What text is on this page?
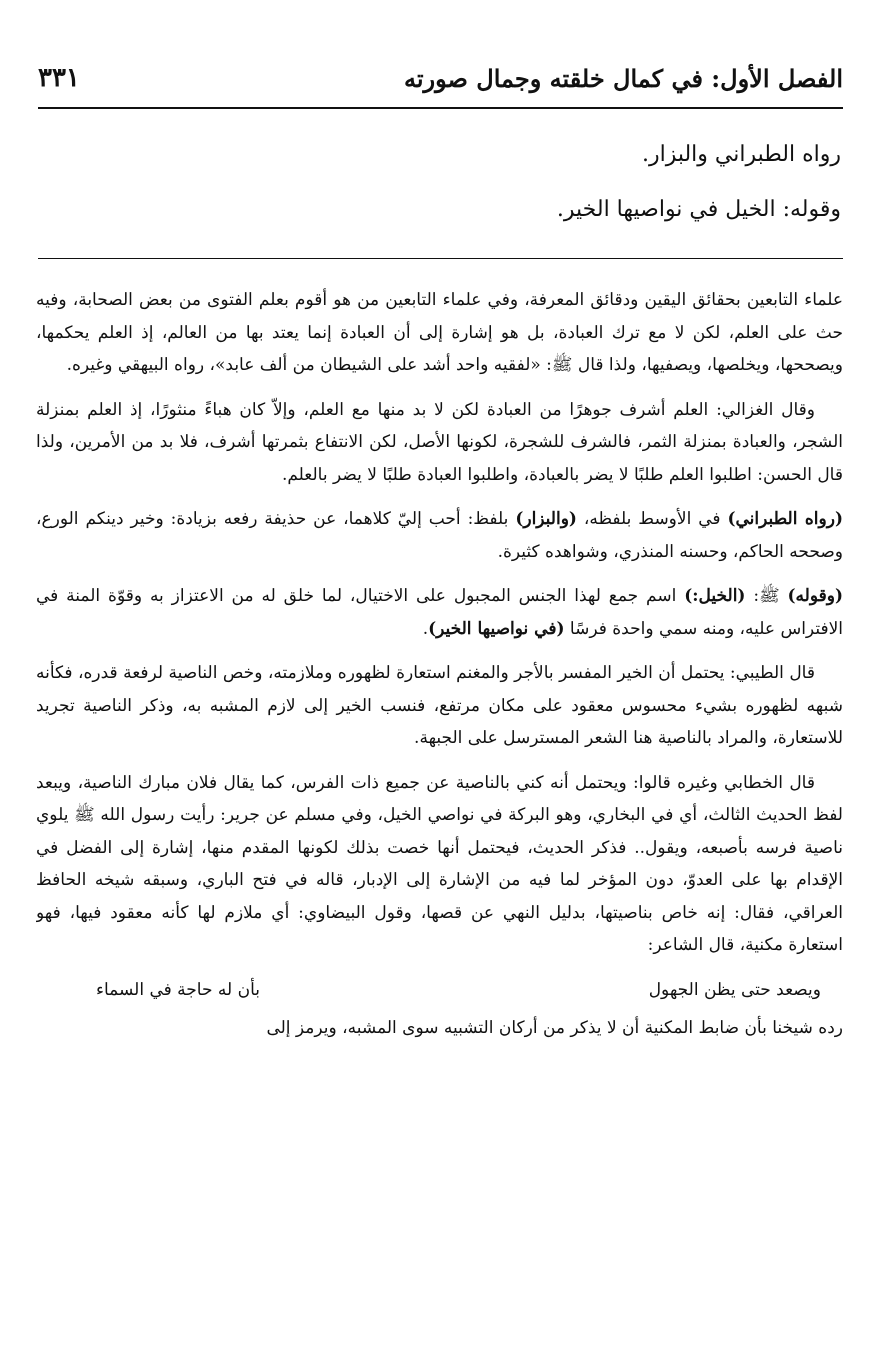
الفصل الأول: في كمال خلقته وجمال صورته
٣٣١

رواه الطبراني والبزار.

وقوله: الخيل في نواصيها الخير.

علماء التابعين بحقائق اليقين ودقائق المعرفة، وفي علماء التابعين من هو أقوم بعلم الفتوى من بعض الصحابة، وفيه حث على العلم، لكن لا مع ترك العبادة، بل هو إشارة إلى أن العبادة إنما يعتد بها من العالم، إذ العلم يحكمها، ويصححها، ويخلصها، ويصفيها، ولذا قال ﷺ: «لفقيه واحد أشد على الشيطان من ألف عابد»، رواه البيهقي وغيره.

وقال الغزالي: العلم أشرف جوهرًا من العبادة لكن لا بد منها مع العلم، وإلاّ كان هباءً منثورًا، إذ العلم بمنزلة الشجر، والعبادة بمنزلة الثمر، فالشرف للشجرة، لكونها الأصل، لكن الانتفاع بثمرتها أشرف، فلا بد من الأمرين، ولذا قال الحسن: اطلبوا العلم طلبًا لا يضر بالعبادة، واطلبوا العبادة طلبًا لا يضر بالعلم.

(رواه الطبراني) في الأوسط بلفظه، (والبزار) بلفظ: أحب إليّ كلاهما، عن حذيفة رفعه بزيادة: وخير دينكم الورع، وصححه الحاكم، وحسنه المنذري، وشواهده كثيرة.

(وقوله) ﷺ: (الخيل:) اسم جمع لهذا الجنس المجبول على الاختيال، لما خلق له من الاعتزاز به وقوّة المنة في الافتراس عليه، ومنه سمي واحدة فرسًا (في نواصيها الخير).

قال الطيبي: يحتمل أن الخير المفسر بالأجر والمغنم استعارة لظهوره وملازمته، وخص الناصية لرفعة قدره، فكأنه شبهه لظهوره بشيء محسوس معقود على مكان مرتفع، فنسب الخير إلى لازم المشبه به، وذكر الناصية تجريد للاستعارة، والمراد بالناصية هنا الشعر المسترسل على الجبهة.

قال الخطابي وغيره قالوا: ويحتمل أنه كني بالناصية عن جميع ذات الفرس، كما يقال فلان مبارك الناصية، ويبعد لفظ الحديث الثالث، أي في البخاري، وهو البركة في نواصي الخيل، وفي مسلم عن جرير: رأيت رسول الله ﷺ يلوي ناصية فرسه بأصبعه، ويقول.. فذكر الحديث، فيحتمل أنها خصت بذلك لكونها المقدم منها، إشارة إلى الفضل في الإقدام بها على العدوّ، دون المؤخر لما فيه من الإشارة إلى الإدبار، قاله في فتح الباري، وسبقه شيخه الحافظ العراقي، فقال: إنه خاص بناصيتها، بدليل النهي عن قصها، وقول البيضاوي: أي ملازم لها كأنه معقود فيها، فهو استعارة مكنية، قال الشاعر:

ويصعد حتى يظن الجهول
بأن له حاجة في السماء

رده شيخنا بأن ضابط المكنية أن لا يذكر من أركان التشبيه سوى المشبه، ويرمز إلى
